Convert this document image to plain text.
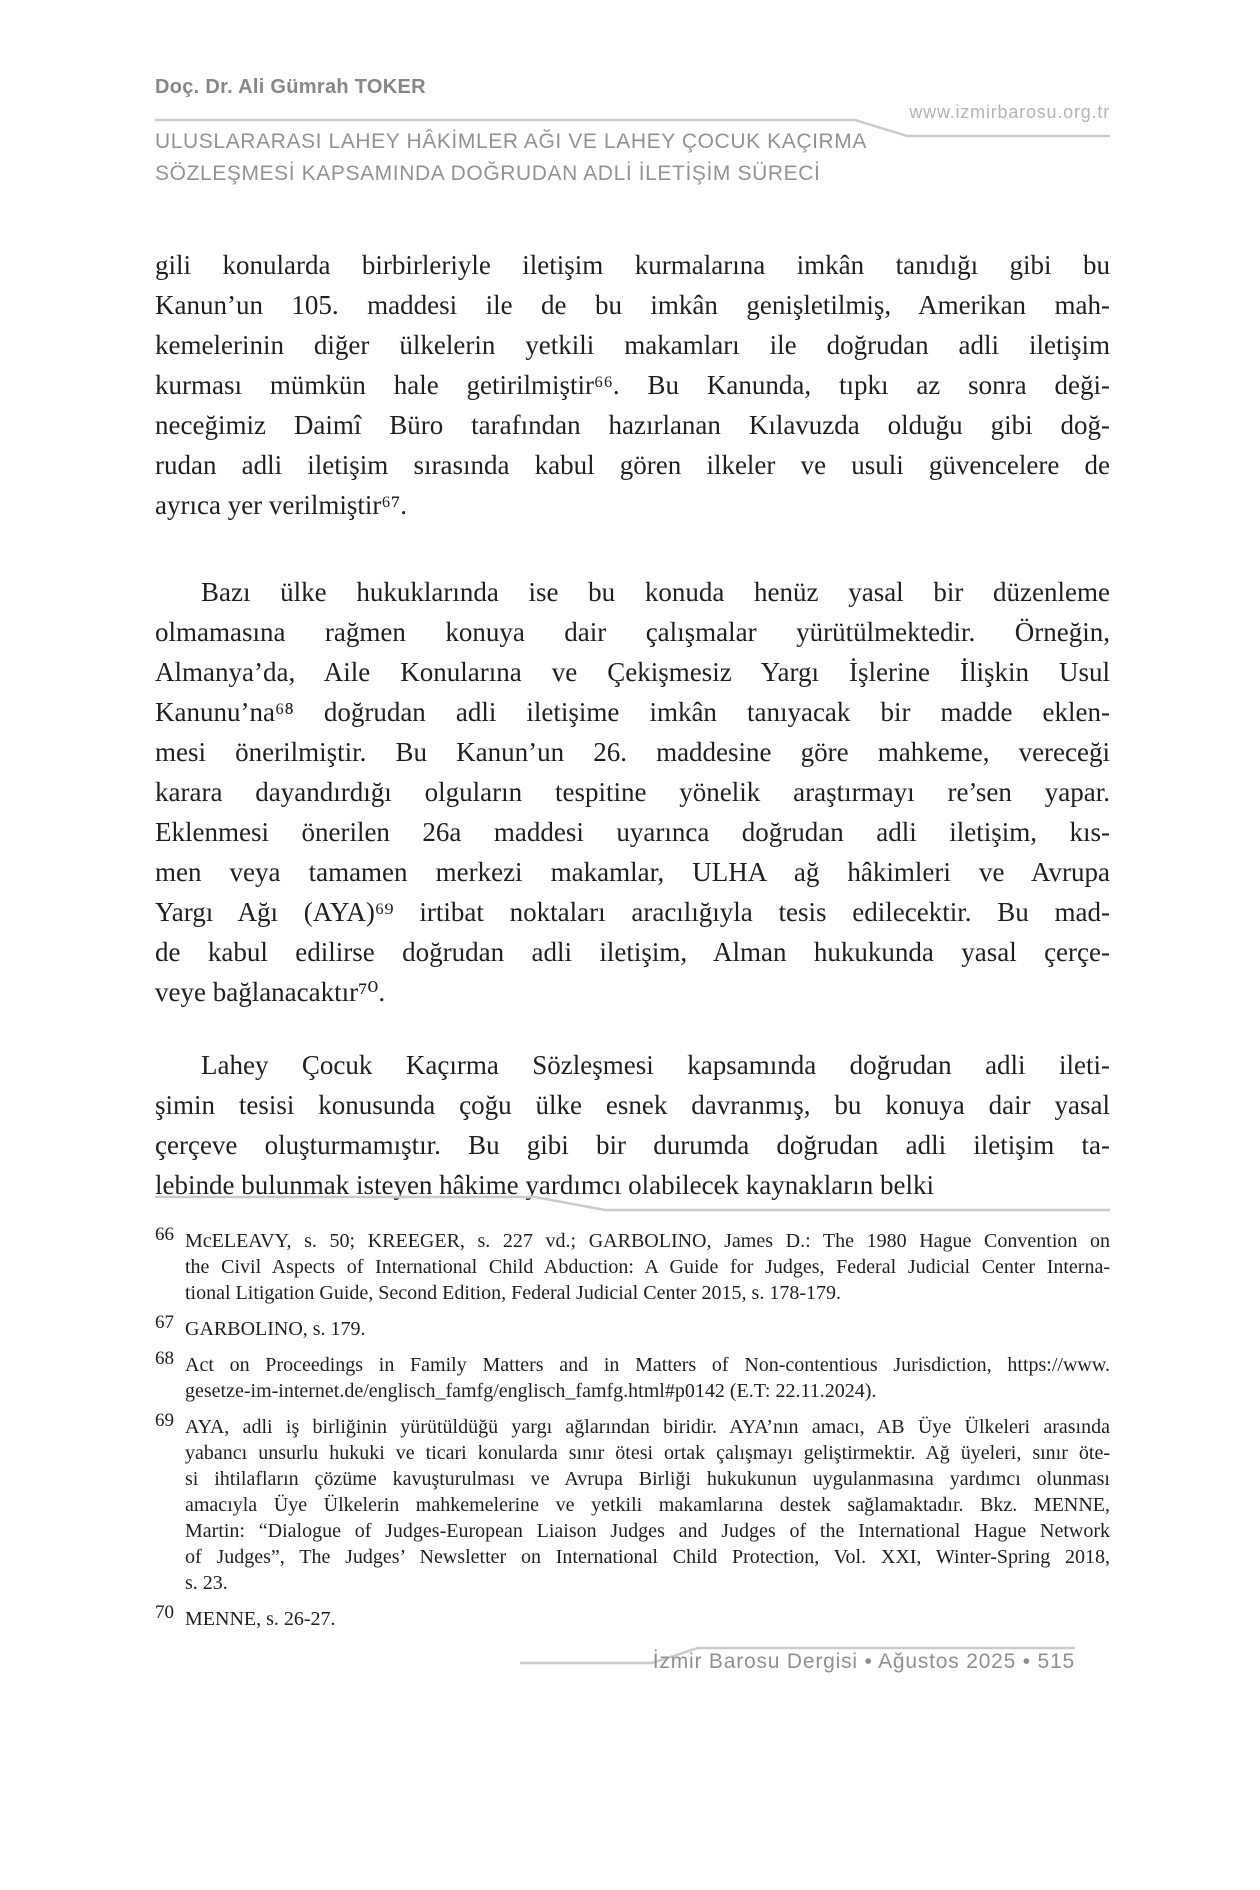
Doç. Dr. Ali Gümrah TOKER
www.izmirbarosu.org.tr
ULUSLARARASI LAHEY HÂKİMLER AĞI VE LAHEY ÇOCUK KAÇIRMA
SÖZLEŞMESİ KAPSAMINDA DOĞRUDAN ADLİ İLETİŞİM SÜRECİ
gili konularda birbirleriyle iletişim kurmalarına imkân tanıdığı gibi bu
Kanun’un 105. maddesi ile de bu imkân genişletilmiş, Amerikan mah-
kemelerinin diğer ülkelerin yetkili makamları ile doğrudan adli iletişim
kurması mümkün hale getirilmiştir⁶⁶. Bu Kanunda, tıpkı az sonra deği-
neceğimiz Daimî Büro tarafından hazırlanan Kılavuzda olduğu gibi doğ-
rudan adli iletişim sırasında kabul gören ilkeler ve usuli güvencelere de
ayrıca yer verilmiştir⁶⁷.
Bazı ülke hukuklarında ise bu konuda henüz yasal bir düzenleme
olmamasına rağmen konuya dair çalışmalar yürütülmektedir. Örneğin,
Almanya’da, Aile Konularına ve Çekişmesiz Yargı İşlerine İlişkin Usul
Kanunu’na⁶⁸ doğrudan adli iletişime imkân tanıyacak bir madde eklen-
mesi önerilmiştir. Bu Kanun’un 26. maddesine göre mahkeme, vereceği
karara dayandırdığı olguların tespitine yönelik araştırmayı re’sen yapar.
Eklenmesi önerilen 26a maddesi uyarınca doğrudan adli iletişim, kıs-
men veya tamamen merkezi makamlar, ULHA ağ hâkimleri ve Avrupa
Yargı Ağı (AYA)⁶⁹ irtibat noktaları aracılığıyla tesis edilecektir. Bu mad-
de kabul edilirse doğrudan adli iletişim, Alman hukukunda yasal çerçe-
veye bağlanacaktır⁷⁰.
Lahey Çocuk Kaçırma Sözleşmesi kapsamında doğrudan adli ileti-
şimin tesisi konusunda çoğu ülke esnek davranmış, bu konuya dair yasal
çerçeve oluşturmamıştır. Bu gibi bir durumda doğrudan adli iletişim ta-
lebinde bulunmak isteyen hâkime yardımcı olabilecek kaynakların belki
66 McELEAVY, s. 50; KREEGER, s. 227 vd.; GARBOLINO, James D.: The 1980 Hague Convention on
the Civil Aspects of International Child Abduction: A Guide for Judges, Federal Judicial Center Interna-
tional Litigation Guide, Second Edition, Federal Judicial Center 2015, s. 178-179.
67 GARBOLINO, s. 179.
68 Act on Proceedings in Family Matters and in Matters of Non-contentious Jurisdiction, https://www.
gesetze-im-internet.de/englisch_famfg/englisch_famfg.html#p0142 (E.T: 22.11.2024).
69 AYA, adli iş birliğinin yürütüldüğü yargı ağlarından biridir. AYA’nın amacı, AB Üye Ülkeleri arasında
yabancı unsurlu hukuki ve ticari konularda sınır ötesi ortak çalışmayı geliştirmektir. Ağ üyeleri, sınır öte-
si ihtilafların çözüme kavuşturulması ve Avrupa Birliği hukukunun uygulanmasına yardımcı olunması
amacıyla Üye Ülkelerin mahkemelerine ve yetkili makamlarına destek sağlamaktadır. Bkz. MENNE,
Martin: “Dialogue of Judges-European Liaison Judges and Judges of the International Hague Network
of Judges”, The Judges’ Newsletter on International Child Protection, Vol. XXI, Winter-Spring 2018,
s. 23.
70 MENNE, s. 26-27.
İzmir Barosu Dergisi • Ağustos 2025 • 515
